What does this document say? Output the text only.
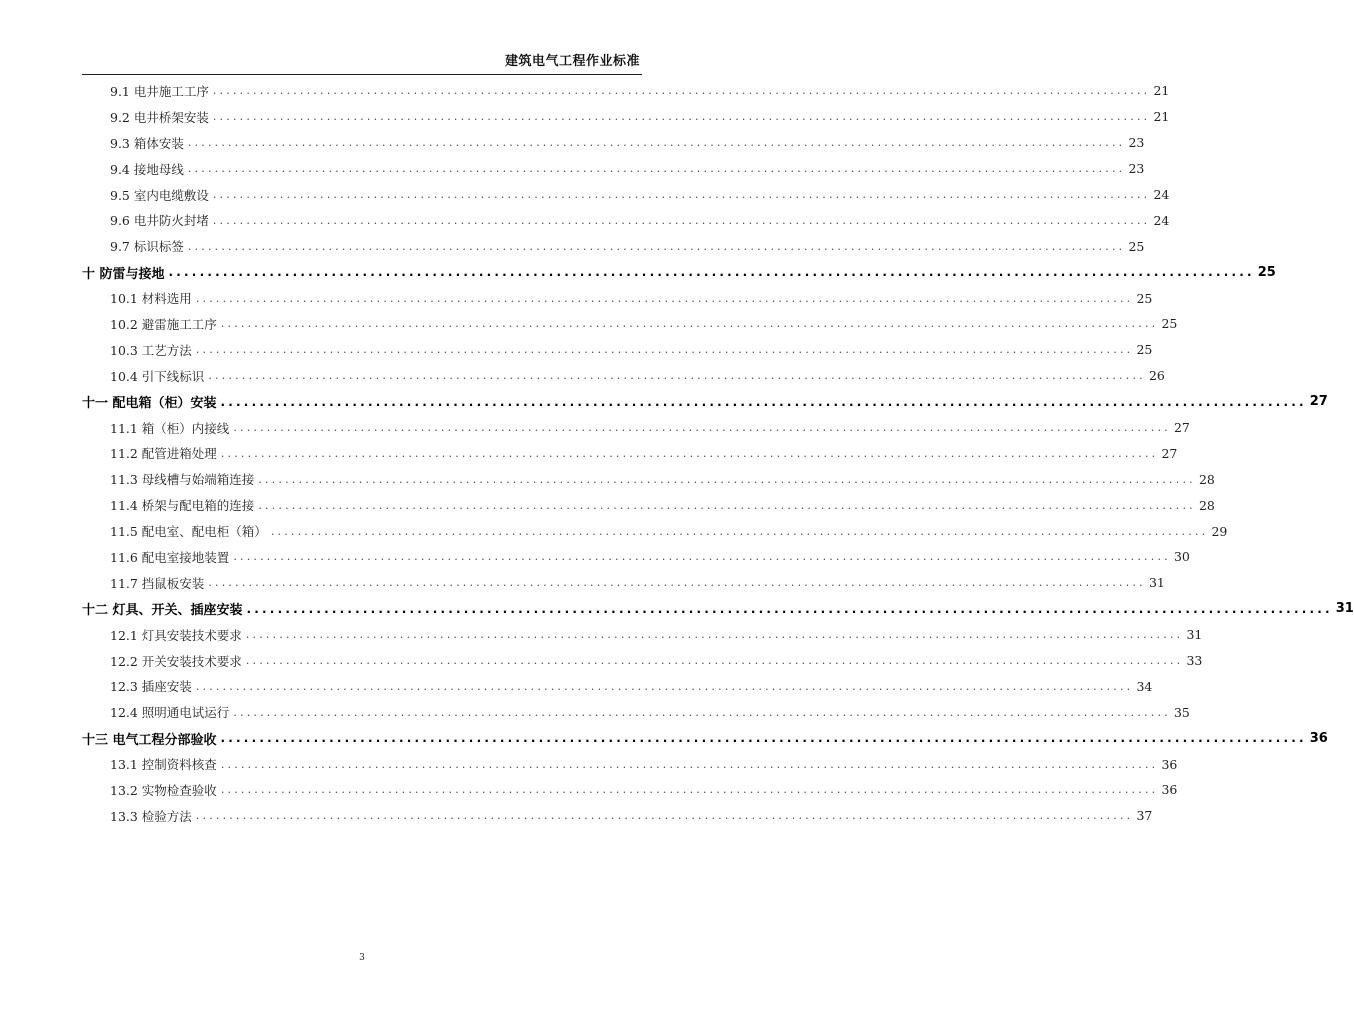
建筑电气工程作业标准
9.1 电井施工工序 ............................................................................................................................................ 21
9.2 电井桥架安装 ............................................................................................................................................ 21
9.3 箱体安装 ............................................................................................................................................ 23
9.4 接地母线 ............................................................................................................................................ 23
9.5 室内电缆敷设 ............................................................................................................................................ 24
9.6 电井防火封堵 ............................................................................................................................................ 24
9.7 标识标签 ............................................................................................................................................ 25
十 防雷与接地 ............................................................................................................................................ 25
10.1 材料选用 ............................................................................................................................................ 25
10.2 避雷施工工序 ............................................................................................................................................ 25
10.3 工艺方法 ............................................................................................................................................ 25
10.4 引下线标识 ............................................................................................................................................ 26
十一 配电箱（柜）安装 ............................................................................................................................................ 27
11.1 箱（柜）内接线 ............................................................................................................................................ 27
11.2 配管进箱处理 ............................................................................................................................................ 27
11.3 母线槽与始端箱连接 ............................................................................................................................................ 28
11.4 桥架与配电箱的连接 ............................................................................................................................................ 28
11.5 配电室、配电柜（箱） ............................................................................................................................................ 29
11.6 配电室接地装置 ............................................................................................................................................ 30
11.7 挡鼠板安装 ............................................................................................................................................ 31
十二 灯具、开关、插座安装 ............................................................................................................................................ 31
12.1 灯具安装技术要求 ............................................................................................................................................ 31
12.2 开关安装技术要求 ............................................................................................................................................ 33
12.3 插座安装 ............................................................................................................................................ 34
12.4 照明通电试运行 ............................................................................................................................................ 35
十三 电气工程分部验收 ............................................................................................................................................ 36
13.1 控制资料核查 ............................................................................................................................................ 36
13.2 实物检查验收 ............................................................................................................................................ 36
13.3 检验方法 ............................................................................................................................................ 37
3
